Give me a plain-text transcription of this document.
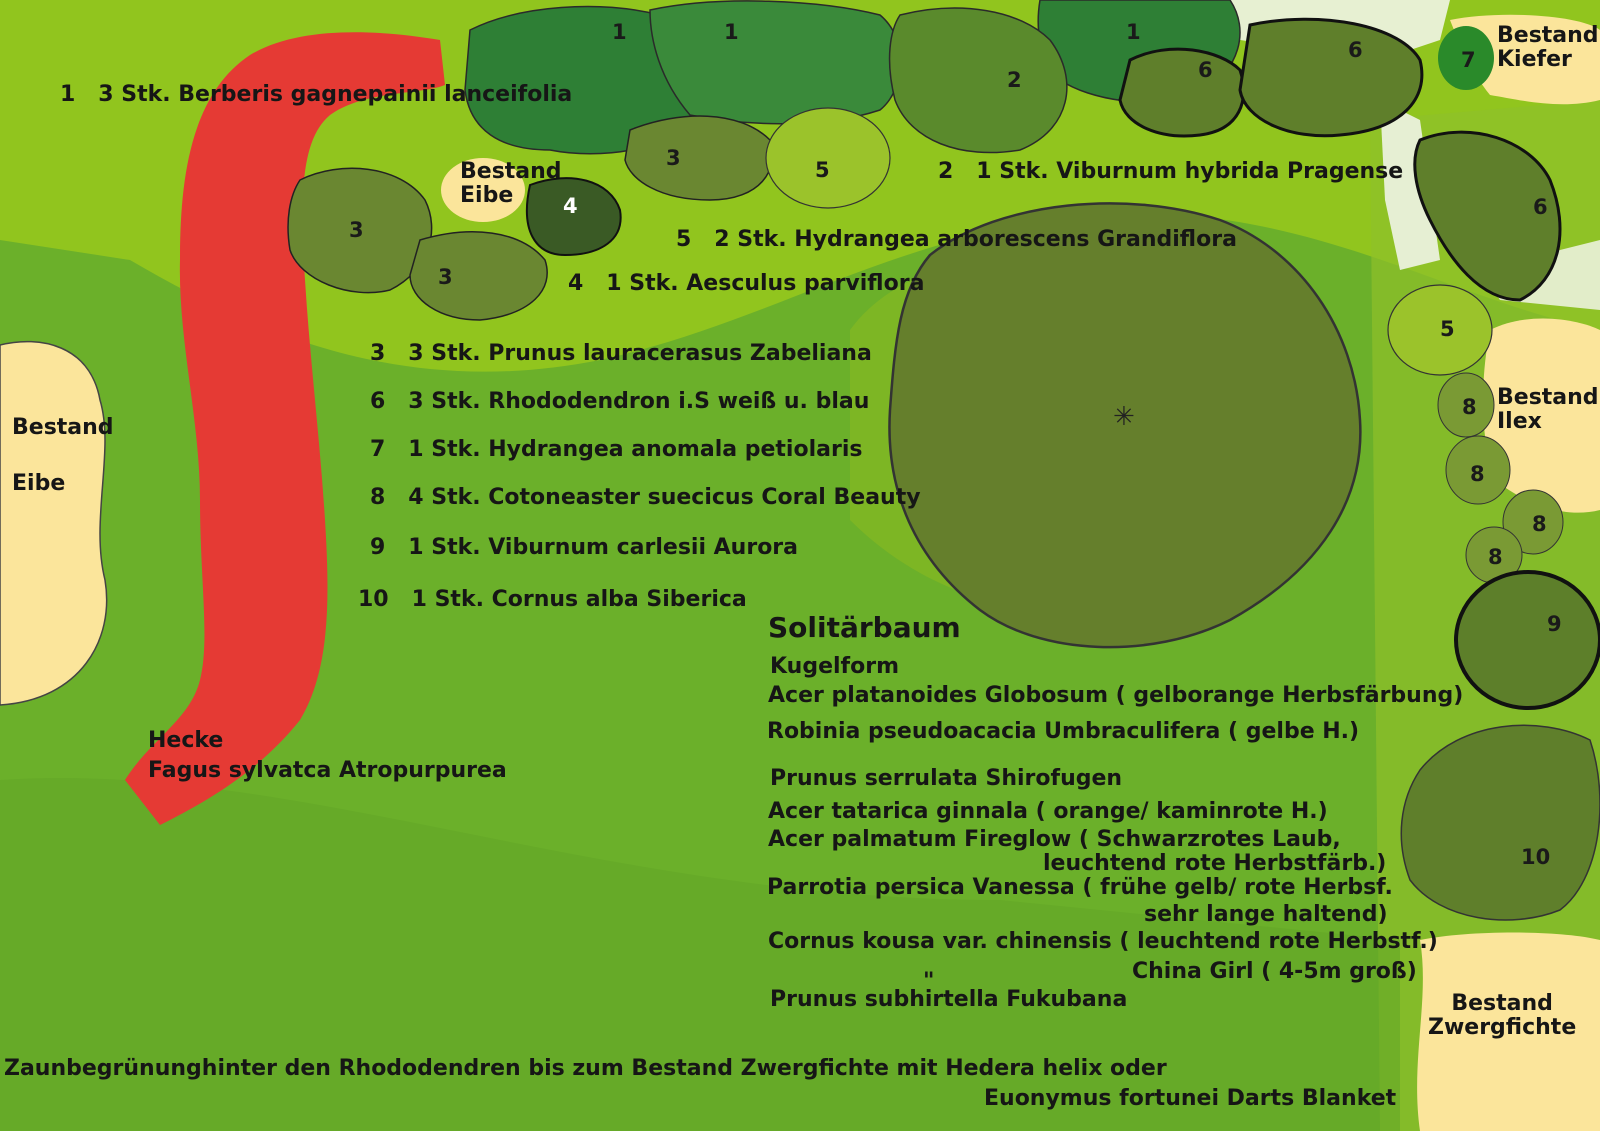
✳
1	1	1
2	6
6
6
7
3
3
3
4
5
5
8
8
8
8
9
10
Bestand
Eibe
Bestand
Eibe
Bestand
Kiefer
Bestand
Ilex
Bestand
Zwergfichte
1 3 Stk. Berberis gagnepainii lanceifolia
2 1 Stk. Viburnum hybrida Pragense
5 2 Stk. Hydrangea arborescens Grandiflora
4 1 Stk. Aesculus parviflora
3 3 Stk. Prunus lauracerasus Zabeliana
6 3 Stk. Rhododendron i.S weiß u. blau
7 1 Stk. Hydrangea anomala petiolaris
8 4 Stk. Cotoneaster suecicus Coral Beauty
9 1 Stk. Viburnum carlesii Aurora
10 1 Stk. Cornus alba Siberica
Hecke
Fagus sylvatca Atropurpurea
Solitärbaum
Kugelform
Acer platanoides Globosum ( gelborange Herbsfärbung)
Robinia pseudoacacia Umbraculifera ( gelbe H.)
Prunus serrulata Shirofugen
Acer tatarica ginnala ( orange/ kaminrote H.)
Acer palmatum Fireglow ( Schwarzrotes Laub,
leuchtend rote Herbstfärb.)
Parrotia persica Vanessa ( frühe gelb/ rote Herbsf.
sehr lange haltend)
Cornus kousa var. chinensis ( leuchtend rote Herbstf.)
China Girl ( 4-5m groß)
"
Prunus subhirtella Fukubana
Zaunbegrünunghinter den Rhododendren bis zum Bestand Zwergfichte mit Hedera helix oder
Euonymus fortunei Darts Blanket
